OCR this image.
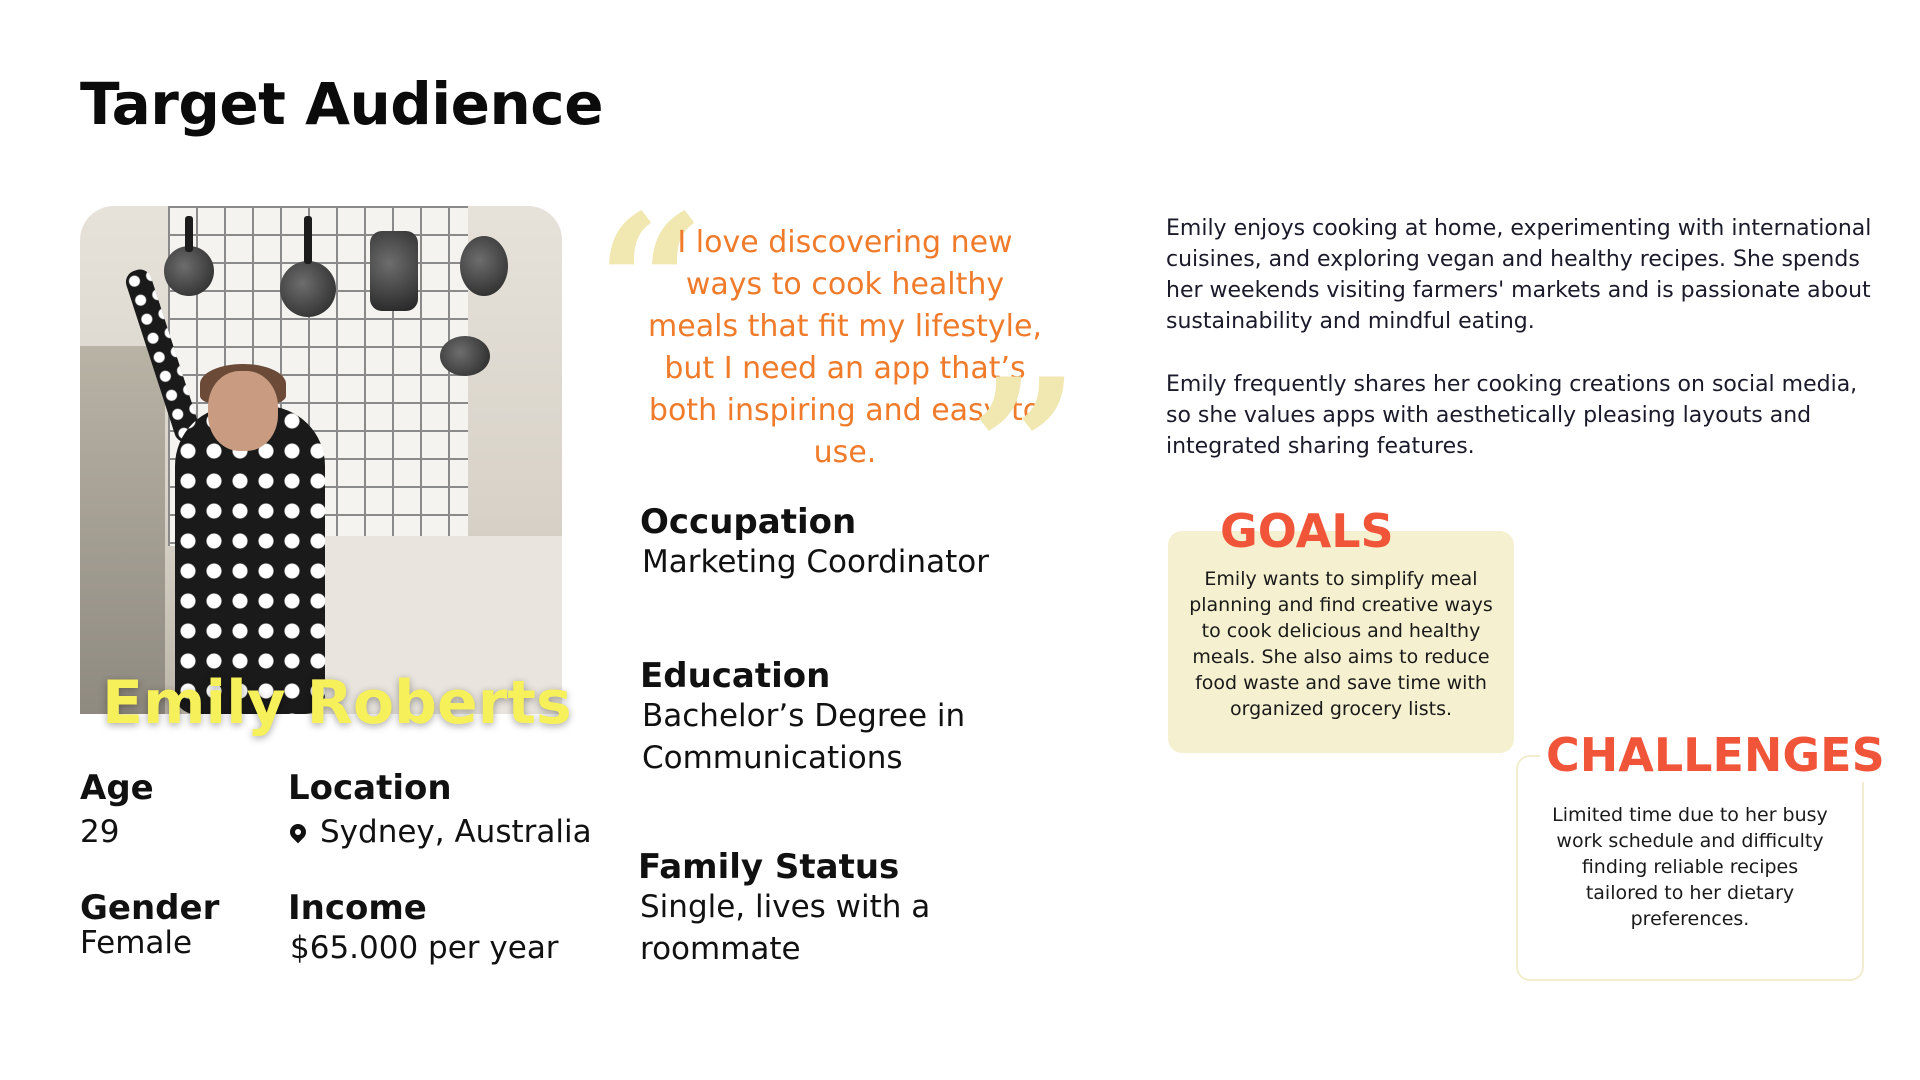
Target Audience
Emily Roberts
Age
29
Location
Sydney, Australia
Gender
Female
Income
$65.000 per year
“

I love discovering new ways to cook healthy meals that fit my lifestyle, but I need an app that’s both inspiring and easy to use. ”
Occupation
Marketing Coordinator
Education
Bachelor’s Degree in
Communications
Family Status
Single, lives with a
roommate

Emily enjoys cooking at home, experimenting with international cuisines, and exploring vegan and healthy recipes. She spends her weekends visiting farmers' markets and is passionate about sustainability and mindful eating.

Emily frequently shares her cooking creations on social media, so she values apps with aesthetically pleasing layouts and integrated sharing features.

GOALS

Emily wants to simplify meal planning and find creative ways to cook delicious and healthy meals. She also aims to reduce food waste and save time with organized grocery lists.

CHALLENGES

Limited time due to her busy work schedule and difficulty finding reliable recipes tailored to her dietary preferences.
